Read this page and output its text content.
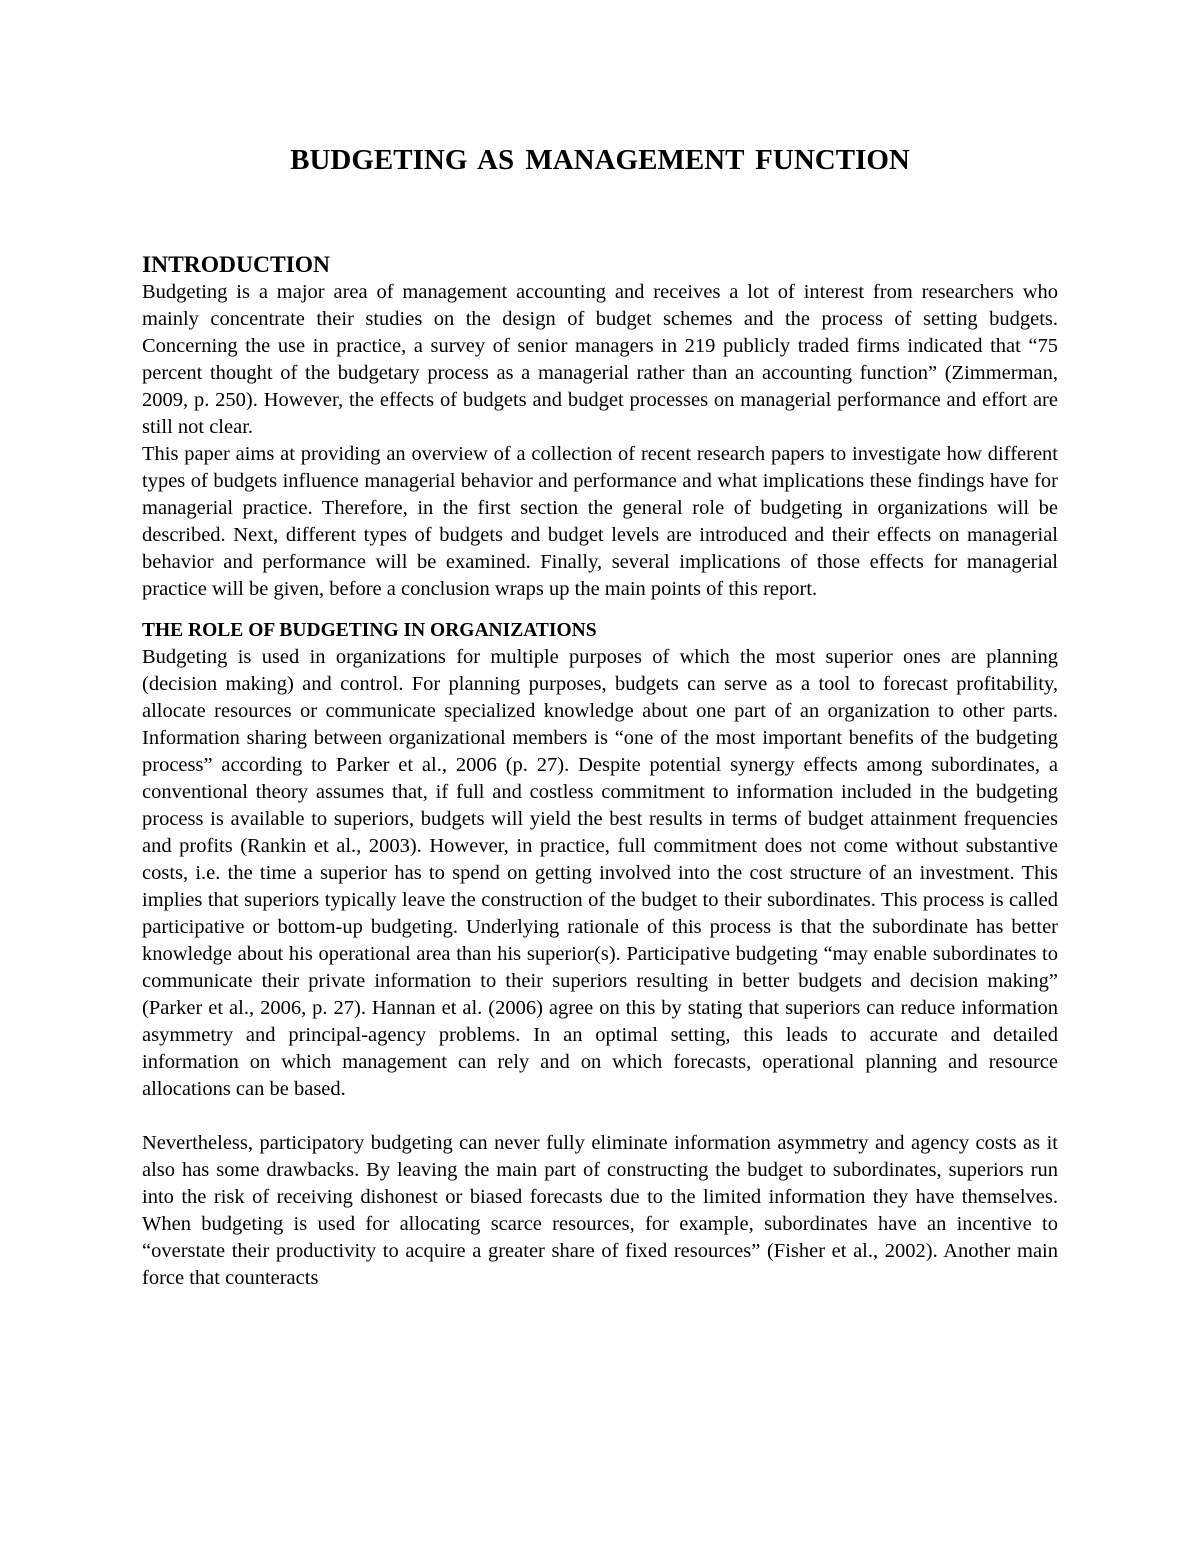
BUDGETING AS MANAGEMENT FUNCTION
INTRODUCTION

Budgeting is a major area of management accounting and receives a lot of interest from researchers who mainly concentrate their studies on the design of budget schemes and the process of setting budgets. Concerning the use in practice, a survey of senior managers in 219 publicly traded firms indicated that “75 percent thought of the budgetary process as a managerial rather than an accounting function” (Zimmerman, 2009, p. 250). However, the effects of budgets and budget processes on managerial performance and effort are still not clear.

This paper aims at providing an overview of a collection of recent research papers to investigate how different types of budgets influence managerial behavior and performance and what implications these findings have for managerial practice. Therefore, in the first section the general role of budgeting in organizations will be described. Next, different types of budgets and budget levels are introduced and their effects on managerial behavior and performance will be examined. Finally, several implications of those effects for managerial practice will be given, before a conclusion wraps up the main points of this report.

THE ROLE OF BUDGETING IN ORGANIZATIONS

Budgeting is used in organizations for multiple purposes of which the most superior ones are planning (decision making) and control. For planning purposes, budgets can serve as a tool to forecast profitability, allocate resources or communicate specialized knowledge about one part of an organization to other parts. Information sharing between organizational members is “one of the most important benefits of the budgeting process” according to Parker et al., 2006 (p. 27). Despite potential synergy effects among subordinates, a conventional theory assumes that, if full and costless commitment to information included in the budgeting process is available to superiors, budgets will yield the best results in terms of budget attainment frequencies and profits (Rankin et al., 2003). However, in practice, full commitment does not come without substantive costs, i.e. the time a superior has to spend on getting involved into the cost structure of an investment. This implies that superiors typically leave the construction of the budget to their subordinates. This process is called participative or bottom-up budgeting. Underlying rationale of this process is that the subordinate has better knowledge about his operational area than his superior(s). Participative budgeting “may enable subordinates to communicate their private information to their superiors resulting in better budgets and decision making” (Parker et al., 2006, p. 27). Hannan et al. (2006) agree on this by stating that superiors can reduce information asymmetry and principal-agency problems. In an optimal setting, this leads to accurate and detailed information on which management can rely and on which forecasts, operational planning and resource allocations can be based.

Nevertheless, participatory budgeting can never fully eliminate information asymmetry and agency costs as it also has some drawbacks. By leaving the main part of constructing the budget to subordinates, superiors run into the risk of receiving dishonest or biased forecasts due to the limited information they have themselves. When budgeting is used for allocating scarce resources, for example, subordinates have an incentive to “overstate their productivity to acquire a greater share of fixed resources” (Fisher et al., 2002). Another main force that counteracts
